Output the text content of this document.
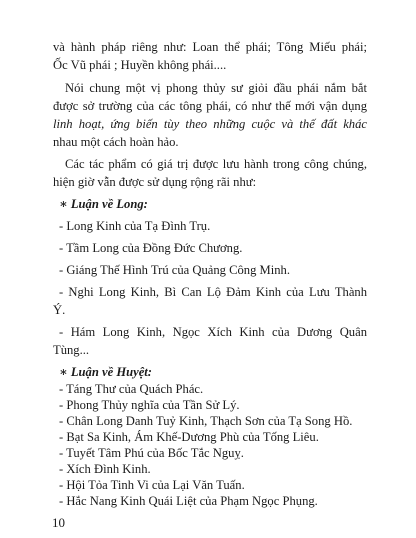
và hành pháp riêng như: Loan thể phái; Tông Miếu phái;
Ốc Vũ phái ; Huyền không phái....
Nói chung một vị phong thủy sư giỏi đầu phái nắm bắt
được sở trường của các tông phái, có như thế mới vận dụng
linh hoạt, ứng biến tùy theo những cuộc và thế đất khác
nhau một cách hoàn hảo.
Các tác phẩm có giá trị được lưu hành trong công chúng,
hiện giờ vẫn được sử dụng rộng rãi như:
∗ Luận về Long:
- Long Kinh của Tạ Đình Trụ.
- Tầm Long của Đồng Đức Chương.
- Giáng Thế Hình Trú của Quảng Công Minh.
- Nghi Long Kinh, Bì Can Lộ Đảm Kinh của Lưu Thành
Ý.
- Hám Long Kinh, Ngọc Xích Kinh của Dương Quân
Tùng...
∗ Luận về Huyệt:
- Táng Thư của Quách Phác.
- Phong Thủy nghĩa của Tần Sử Lý.
- Chân Long Danh Tuỷ Kinh, Thạch Sơn của Tạ Song Hồ.
- Bạt Sa Kinh, Ám Khế-Dương Phù của Tống Liêu.
- Tuyết Tâm Phú của Bốc Tắc Nguỵ.
- Xích Đình Kinh.
- Hội Tỏa Tinh Vi của Lại Văn Tuấn.
- Hắc Nang Kinh Quái Liệt của Phạm Ngọc Phụng.
10
